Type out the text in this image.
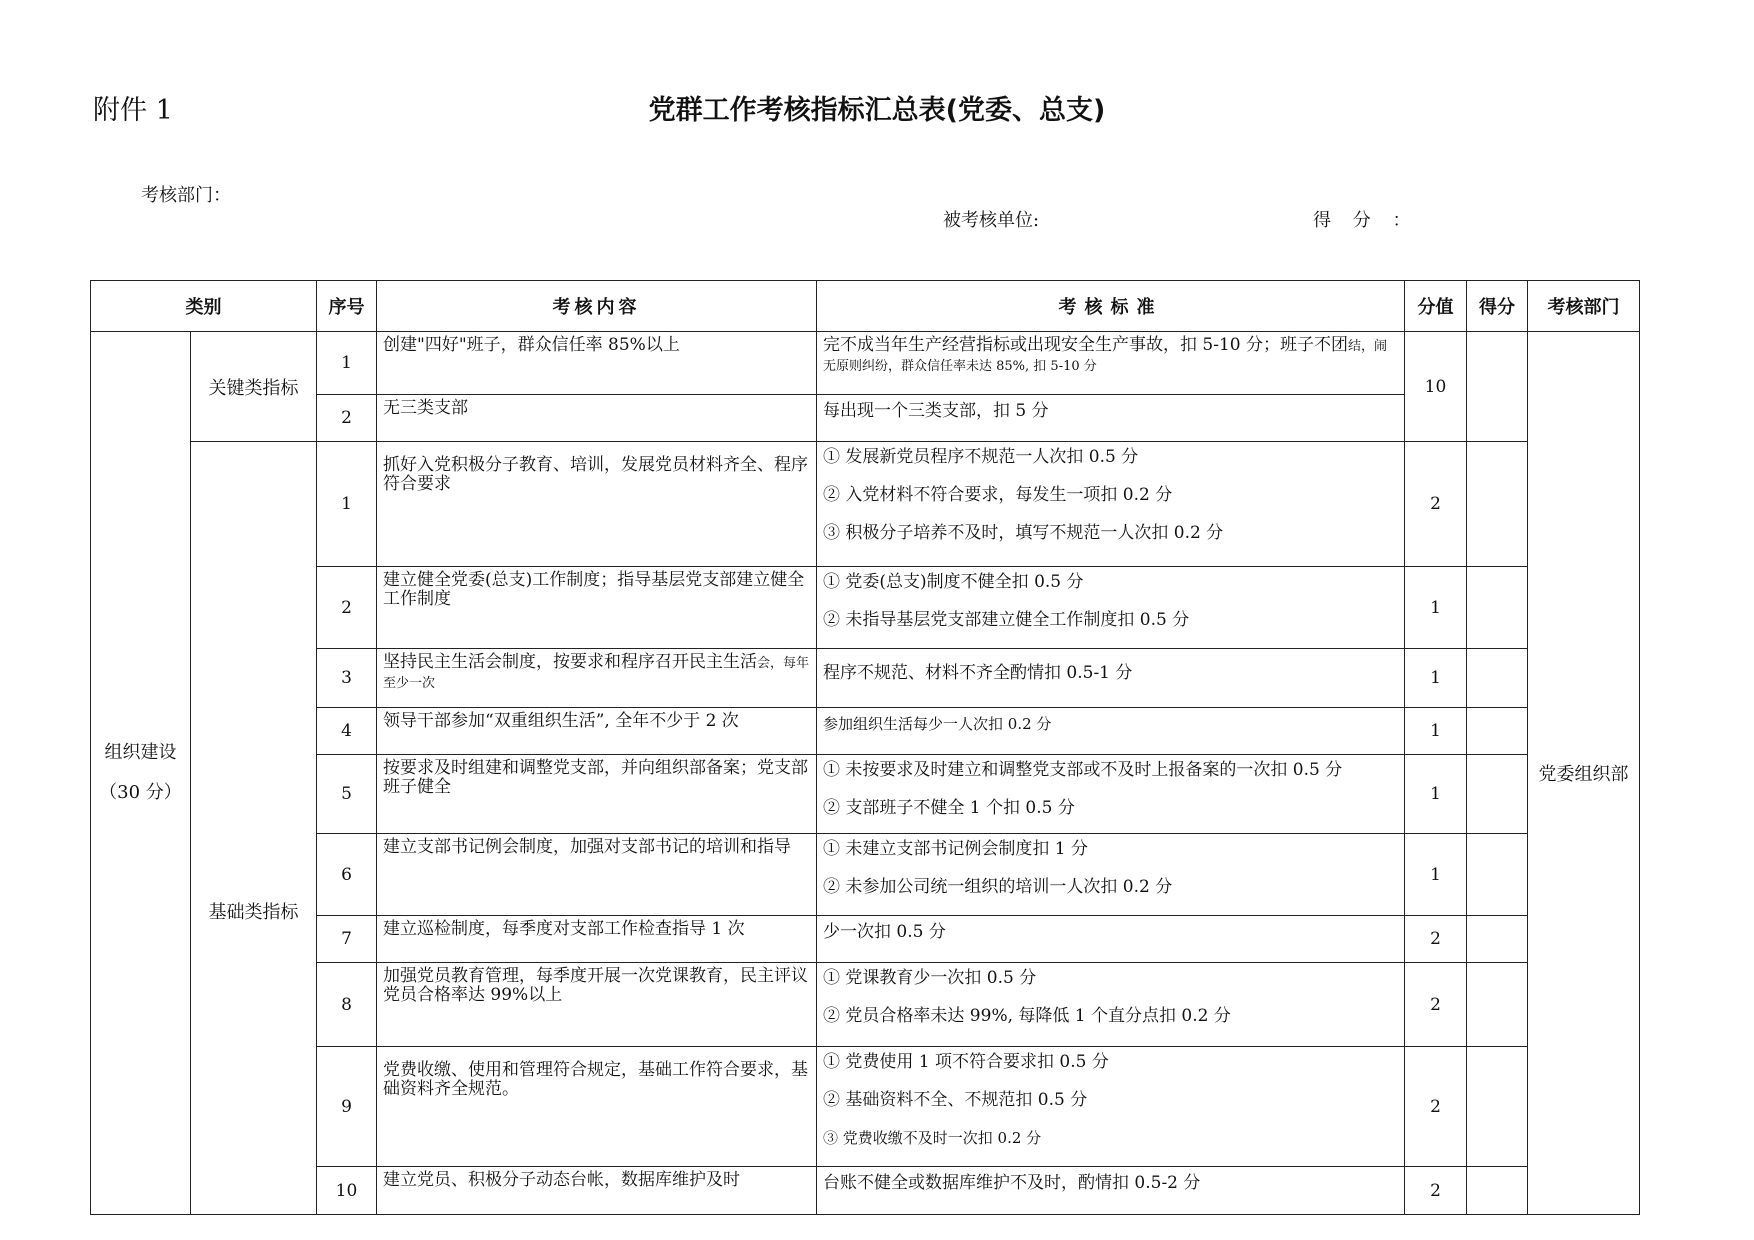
附件 1	党群工作考核指标汇总表(党委、总支)
考核部门：
被考核单位:	得 分 ：
类别		序号	考核内容	考核标准	分值	得分	考核部门

组织建设
（30 分）	关键类指标	1	创建"四好"班子，群众信任率 85%以上	完不成当年生产经营指标或出现安全生产事故，扣 5-10 分；班子不团结，闹无原则纠纷，群众信任率未达 85%, 扣 5-10 分	10		党委组织部
		2	无三类支部	每出现一个三类支部，扣 5 分			

	基础类指标	1	抓好入党积极分子教育、培训，发展党员材料齐全、程序符合要求	① 发展新党员程序不规范一人次扣 0.5 分
② 入党材料不符合要求，每发生一项扣 0.2 分
③ 积极分子培养不及时，填写不规范一人次扣 0.2 分	2		
		2	建立健全党委(总支)工作制度；指导基层党支部建立健全工作制度	① 党委(总支)制度不健全扣 0.5 分
② 未指导基层党支部建立健全工作制度扣 0.5 分	1		
		3	坚持民主生活会制度，按要求和程序召开民主生活会，每年至少一次	程序不规范、材料不齐全酌情扣 0.5-1 分	1		
		4	领导干部参加“双重组织生活”, 全年不少于 2 次	参加组织生活每少一人次扣 0.2 分	1		
		5	按要求及时组建和调整党支部，并向组织部备案；党支部班子健全	① 未按要求及时建立和调整党支部或不及时上报备案的一次扣 0.5 分
② 支部班子不健全 1 个扣 0.5 分	1		
		6	建立支部书记例会制度，加强对支部书记的培训和指导	① 未建立支部书记例会制度扣 1 分
② 未参加公司统一组织的培训一人次扣 0.2 分	1		
		7	建立巡检制度，每季度对支部工作检查指导 1 次	少一次扣 0.5 分	2		
		8	加强党员教育管理，每季度开展一次党课教育，民主评议党员合格率达 99%以上	① 党课教育少一次扣 0.5 分
② 党员合格率未达 99%, 每降低 1 个直分点扣 0.2 分	2		
		9	党费收缴、使用和管理符合规定，基础工作符合要求，基础资料齐全规范。	① 党费使用 1 项不符合要求扣 0.5 分
② 基础资料不全、不规范扣 0.5 分
③ 党费收缴不及时一次扣 0.2 分	2		
		10	建立党员、积极分子动态台帐，数据库维护及时	台账不健全或数据库维护不及时，酌情扣 0.5-2 分	2		
